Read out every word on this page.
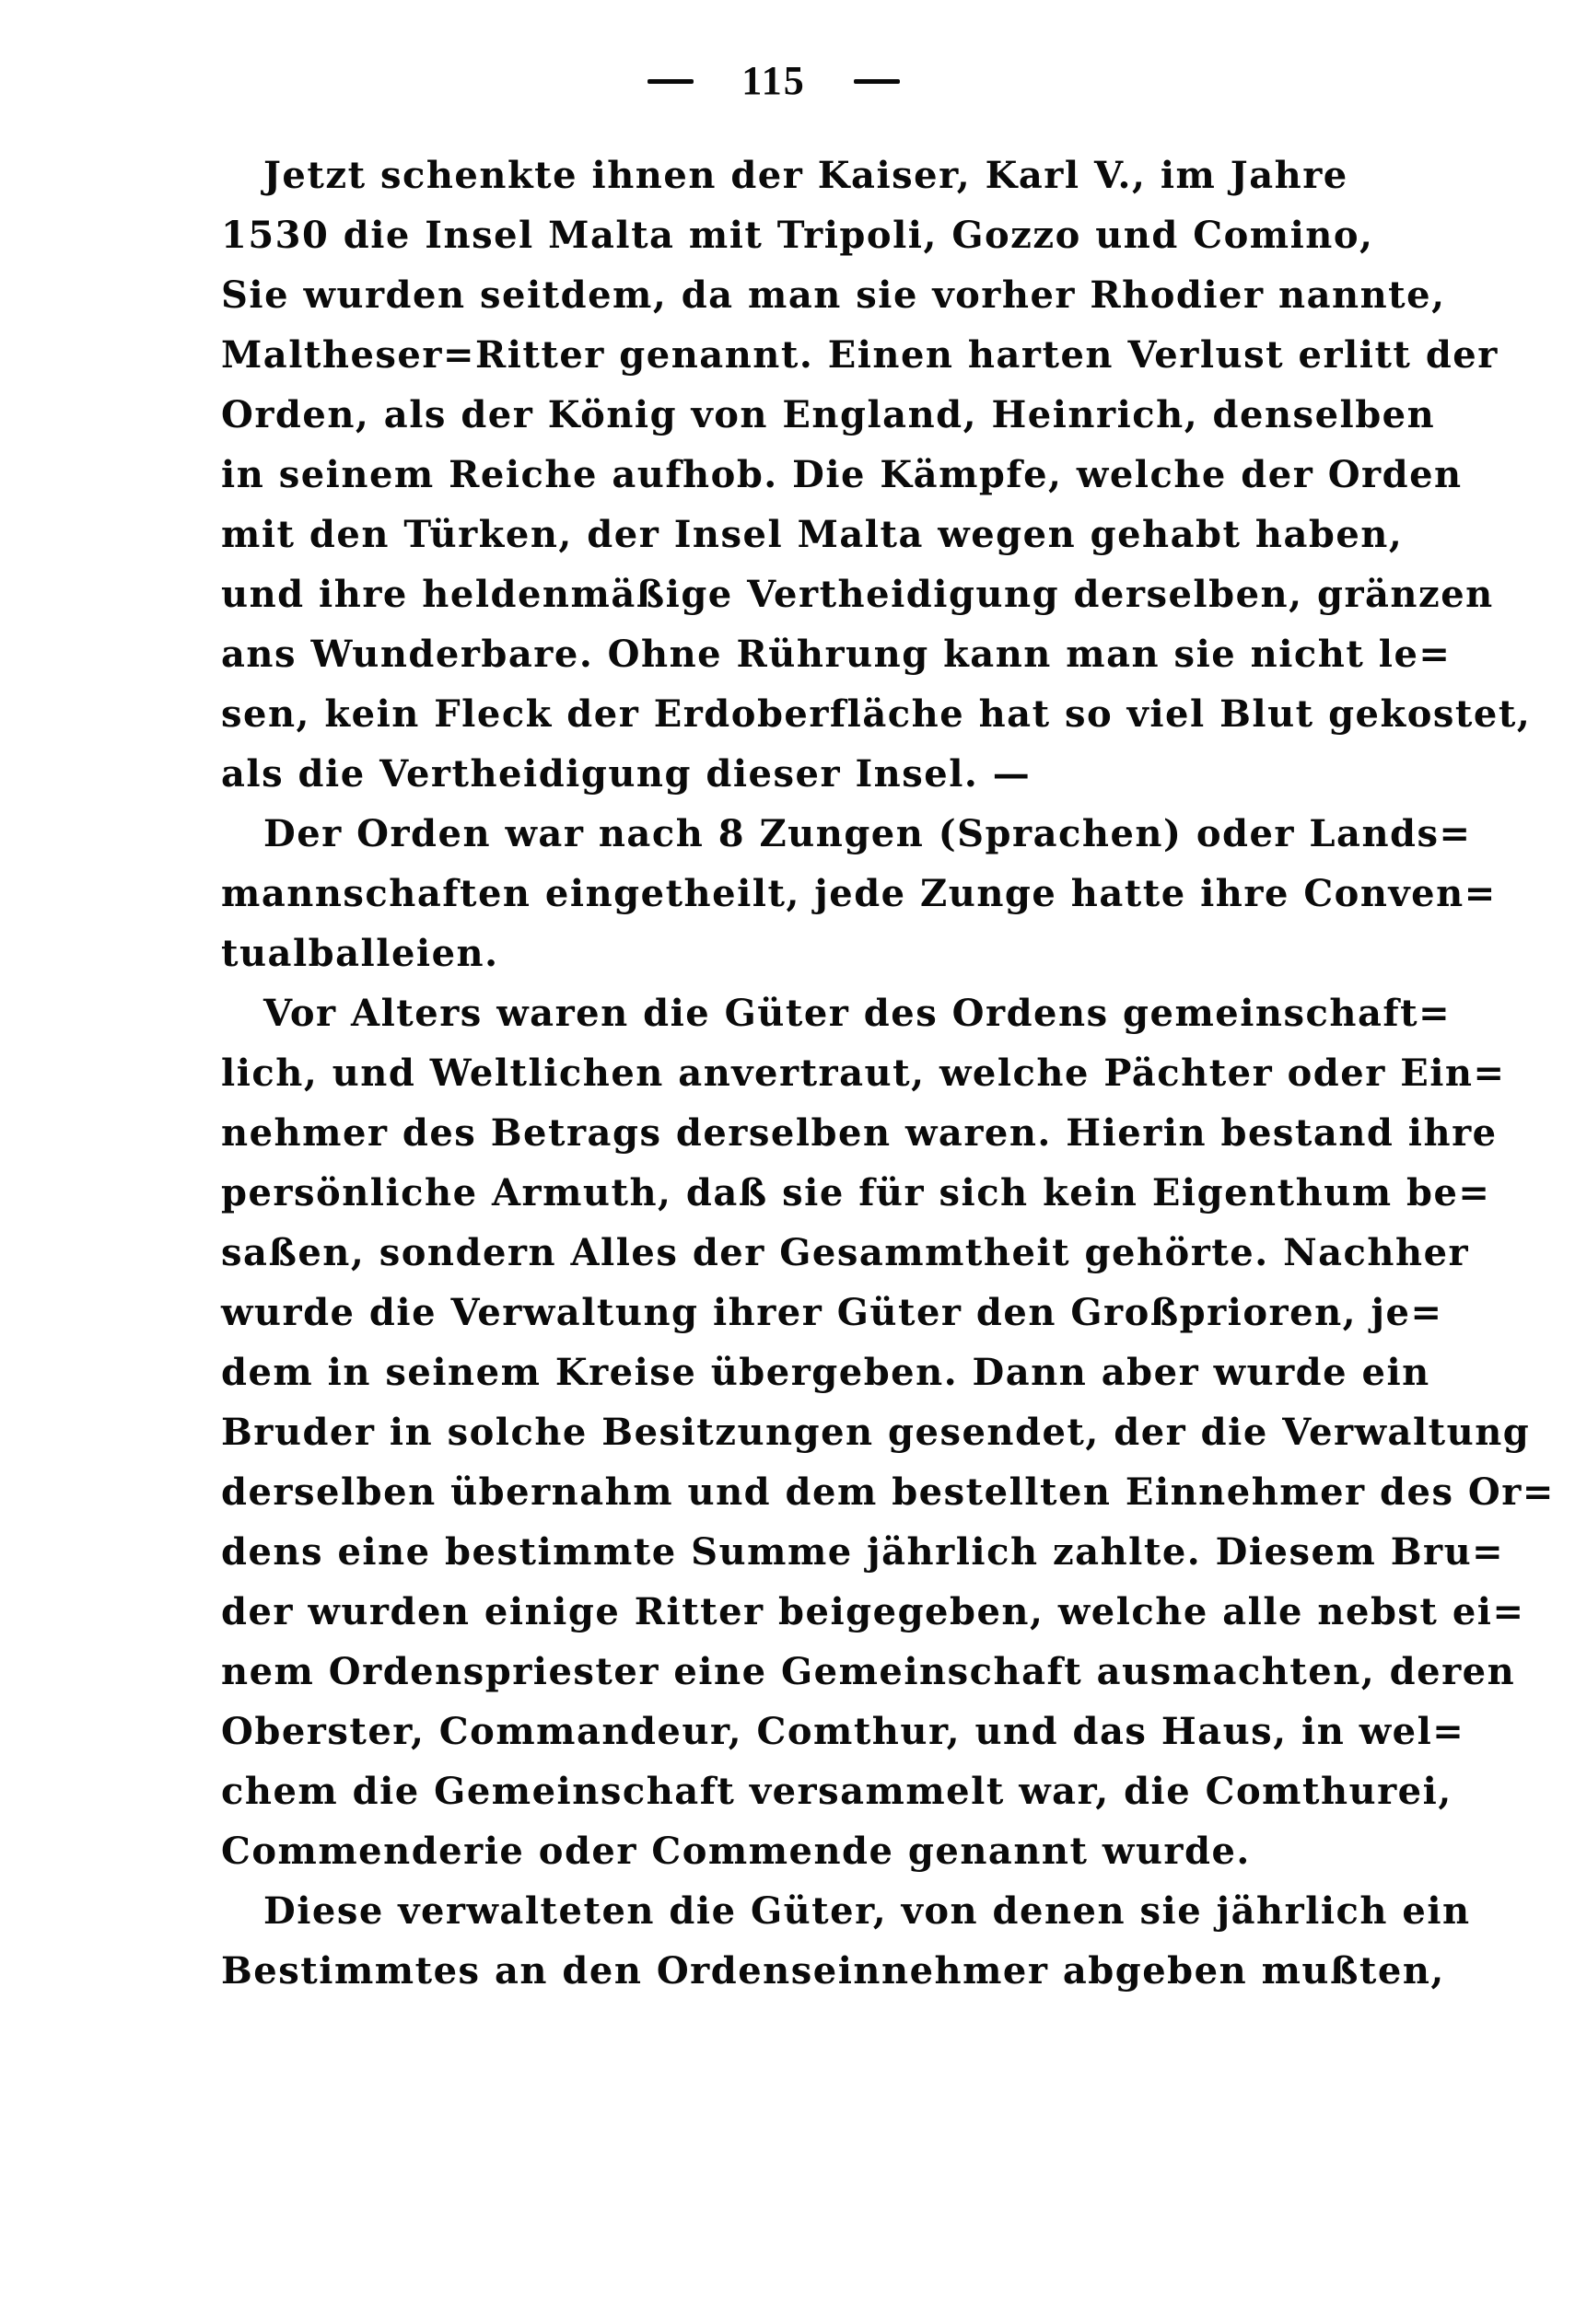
115
Jetzt schenkte ihnen der Kaiser, Karl V., im Jahre
1530 die Insel Malta mit Tripoli, Gozzo und Comino,
Sie wurden seitdem, da man sie vorher Rhodier nannte,
Maltheser=Ritter genannt. Einen harten Verlust erlitt der
Orden, als der König von England, Heinrich, denselben
in seinem Reiche aufhob. Die Kämpfe, welche der Orden
mit den Türken, der Insel Malta wegen gehabt haben,
und ihre heldenmäßige Vertheidigung derselben, gränzen
ans Wunderbare. Ohne Rührung kann man sie nicht le=
sen, kein Fleck der Erdoberfläche hat so viel Blut gekostet,
als die Vertheidigung dieser Insel. —
Der Orden war nach 8 Zungen (Sprachen) oder Lands=
mannschaften eingetheilt, jede Zunge hatte ihre Conven=
tualballeien.
Vor Alters waren die Güter des Ordens gemeinschaft=
lich, und Weltlichen anvertraut, welche Pächter oder Ein=
nehmer des Betrags derselben waren. Hierin bestand ihre
persönliche Armuth, daß sie für sich kein Eigenthum be=
saßen, sondern Alles der Gesammtheit gehörte. Nachher
wurde die Verwaltung ihrer Güter den Großprioren, je=
dem in seinem Kreise übergeben. Dann aber wurde ein
Bruder in solche Besitzungen gesendet, der die Verwaltung
derselben übernahm und dem bestellten Einnehmer des Or=
dens eine bestimmte Summe jährlich zahlte. Diesem Bru=
der wurden einige Ritter beigegeben, welche alle nebst ei=
nem Ordenspriester eine Gemeinschaft ausmachten, deren
Oberster, Commandeur, Comthur, und das Haus, in wel=
chem die Gemeinschaft versammelt war, die Comthurei,
Commenderie oder Commende genannt wurde.
Diese verwalteten die Güter, von denen sie jährlich ein
Bestimmtes an den Ordenseinnehmer abgeben mußten,
